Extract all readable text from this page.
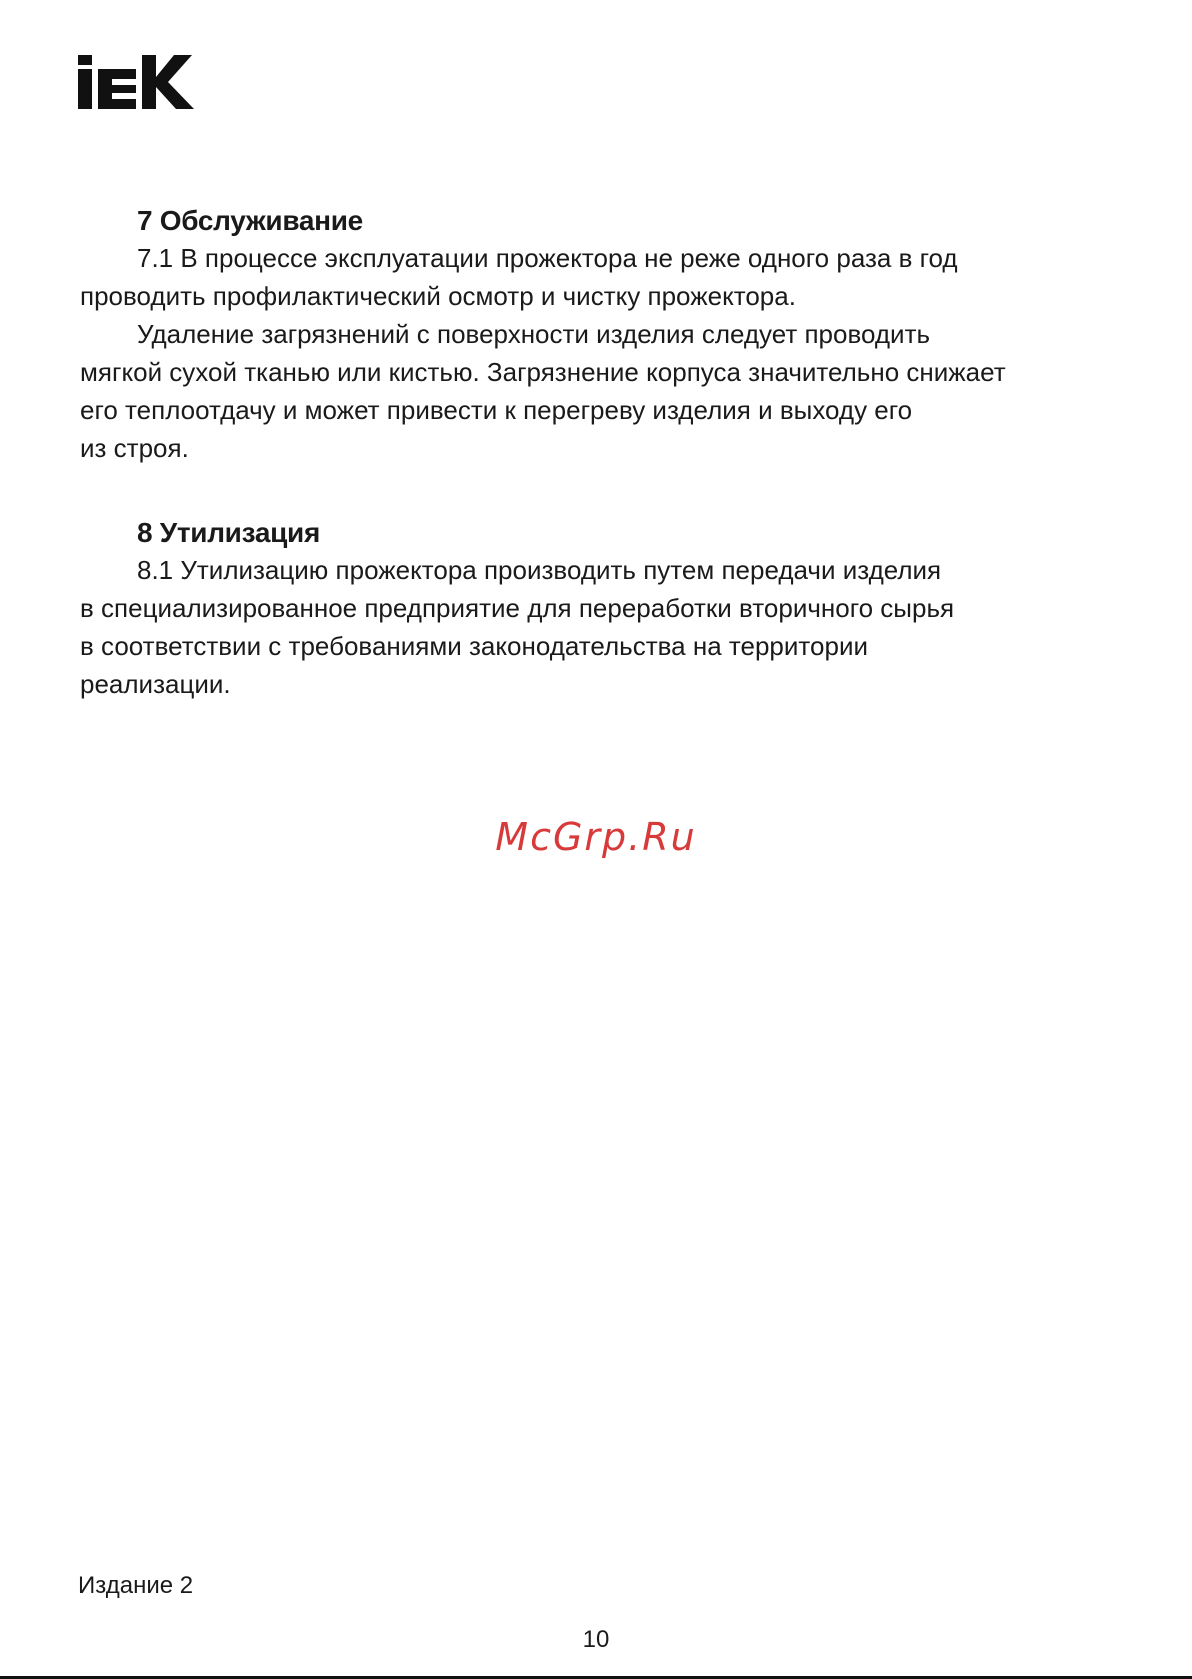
7 Обслуживание

7.1 В процессе эксплуатации прожектора не реже одного раза в год
проводить профилактический осмотр и чистку прожектора.
Удаление загрязнений с поверхности изделия следует проводить
мягкой сухой тканью или кистью. Загрязнение корпуса значительно снижает
его теплоотдачу и может привести к перегреву изделия и выходу его
из строя.

8 Утилизация

8.1 Утилизацию прожектора производить путем передачи изделия
в специализированное предприятие для переработки вторичного сырья
в соответствии с требованиями законодательства на территории
реализации.

McGrp.Ru
Издание 2
10
